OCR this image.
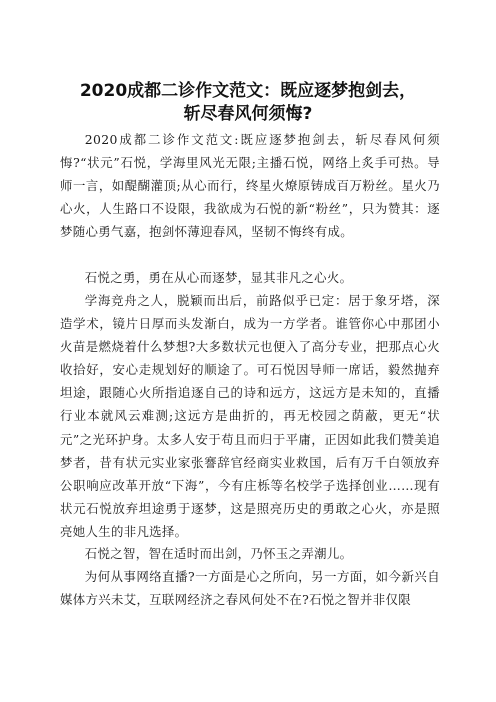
2020成都二诊作文范文：既应逐梦抱剑去，
斩尽春风何须悔?

2020成都二诊作文范文:既应逐梦抱剑去，斩尽春风何须悔?“状元”石悦，学海里风光无限;主播石悦，网络上炙手可热。导师一言，如醍醐灌顶;从心而行，终星火燎原铸成百万粉丝。星火乃心火，人生路口不设限，我欲成为石悦的新“粉丝”，只为赞其：逐梦随心勇气嘉，抱剑怀薄迎春风，坚韧不悔终有成。

石悦之勇，勇在从心而逐梦，显其非凡之心火。

学海竞舟之人，脱颖而出后，前路似乎已定：居于象牙塔，深造学术，镜片日厚而头发渐白，成为一方学者。谁管你心中那团小火苗是燃烧着什么梦想?大多数状元也便入了高分专业，把那点心火收拾好，安心走规划好的顺途了。可石悦因导师一席话，毅然抛弃坦途，跟随心火所指追逐自己的诗和远方，这远方是未知的，直播行业本就风云难测;这远方是曲折的，再无校园之荫蔽，更无“状元”之光环护身。太多人安于苟且而归于平庸，正因如此我们赞美追梦者，昔有状元实业家张謇辞官经商实业救国，后有万千白领放弃公职响应改革开放“下海”，今有庄栎等名校学子选择创业……现有状元石悦放弃坦途勇于逐梦，这是照亮历史的勇敢之心火，亦是照亮她人生的非凡选择。

石悦之智，智在适时而出剑，乃怀玉之弄潮儿。

为何从事网络直播?一方面是心之所向，另一方面，如今新兴自媒体方兴未艾，互联网经济之春风何处不在?石悦之智并非仅限
